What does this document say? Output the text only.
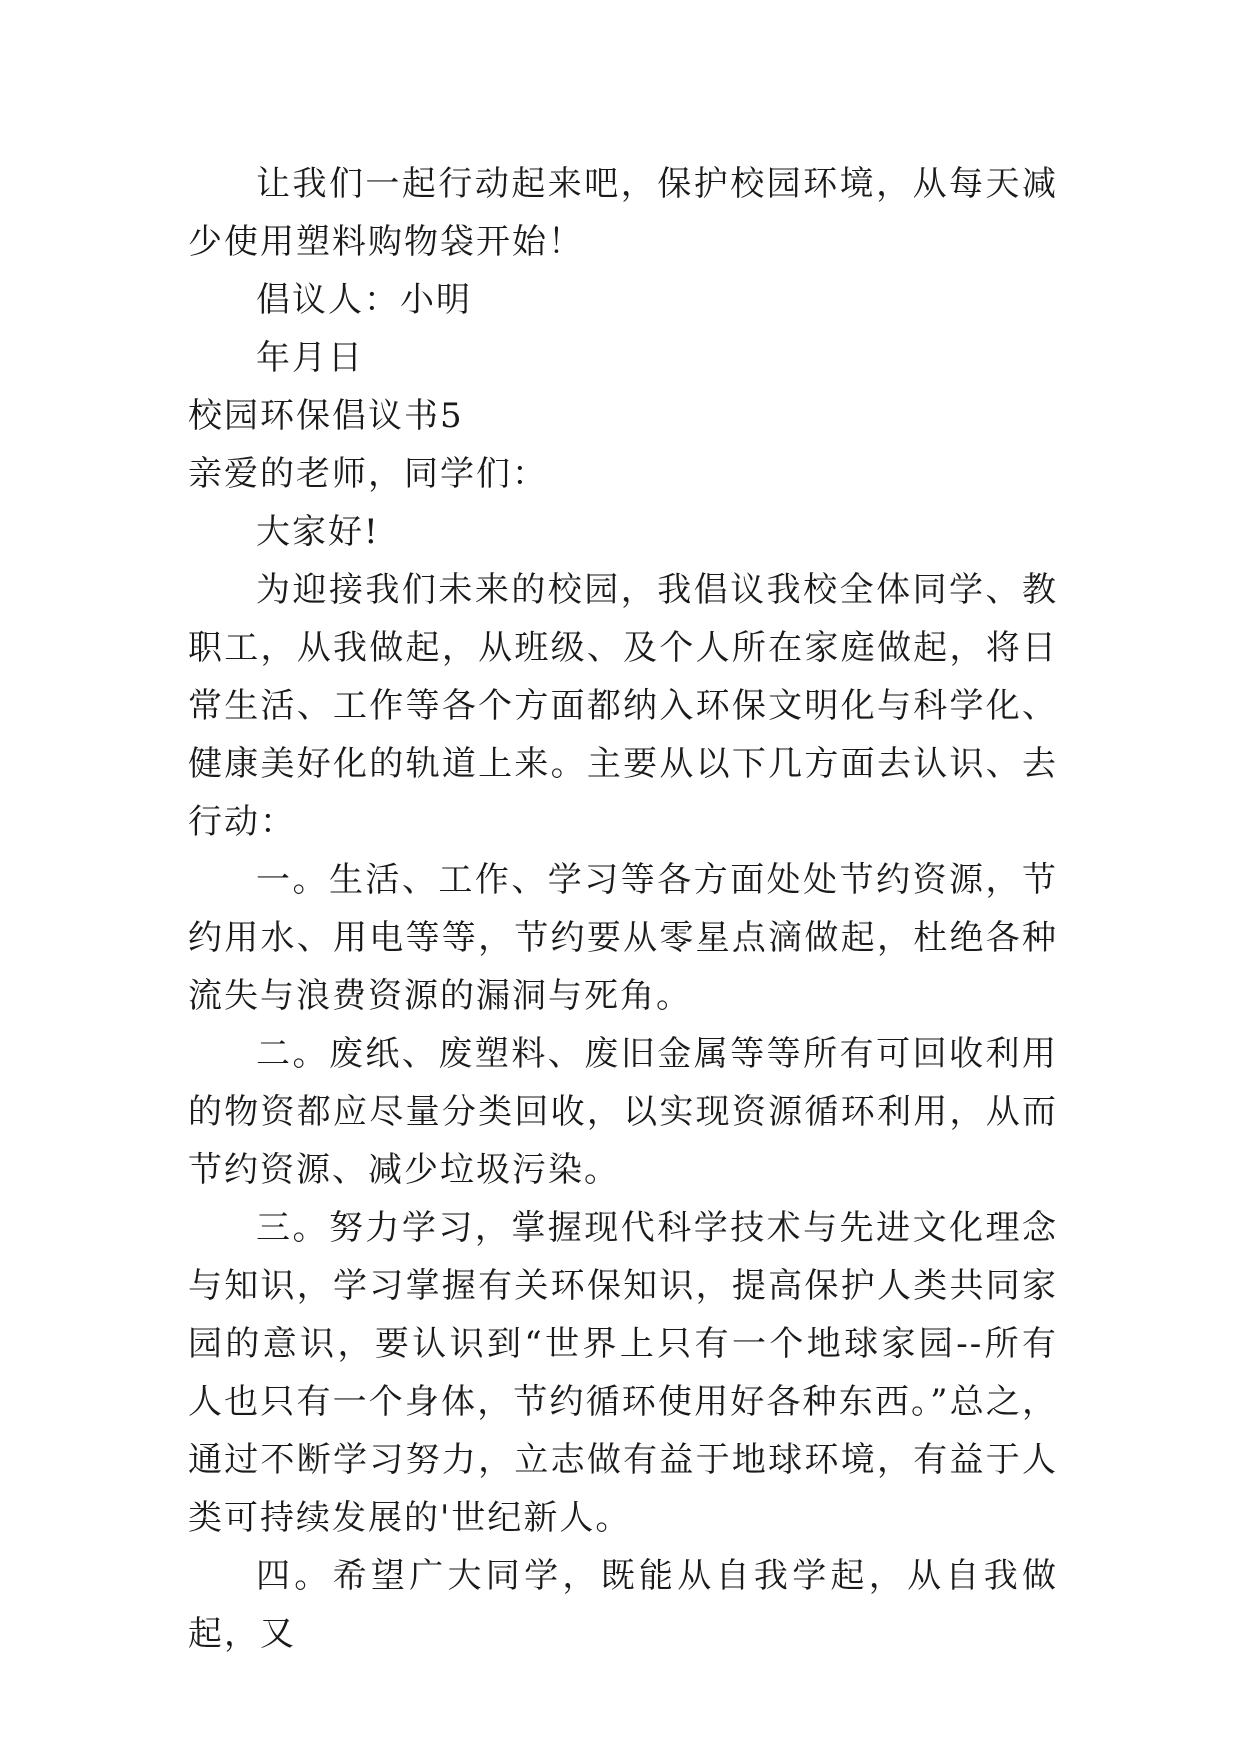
让我们一起行动起来吧，保护校园环境，从每天减少使用塑料购物袋开始！

倡议人：小明

年月日

校园环保倡议书5

亲爱的老师，同学们：

大家好!

为迎接我们未来的校园，我倡议我校全体同学、教职工，从我做起，从班级、及个人所在家庭做起，将日常生活、工作等各个方面都纳入环保文明化与科学化、健康美好化的轨道上来。主要从以下几方面去认识、去行动：

一。生活、工作、学习等各方面处处节约资源，节约用水、用电等等，节约要从零星点滴做起，杜绝各种流失与浪费资源的漏洞与死角。

二。废纸、废塑料、废旧金属等等所有可回收利用的物资都应尽量分类回收，以实现资源循环利用，从而节约资源、减少垃圾污染。

三。努力学习，掌握现代科学技术与先进文化理念与知识，学习掌握有关环保知识，提高保护人类共同家园的意识，要认识到“世界上只有一个地球家园--所有人也只有一个身体，节约循环使用好各种东西。”总之，通过不断学习努力，立志做有益于地球环境，有益于人类可持续发展的'世纪新人。

四。希望广大同学，既能从自我学起，从自我做起，又
